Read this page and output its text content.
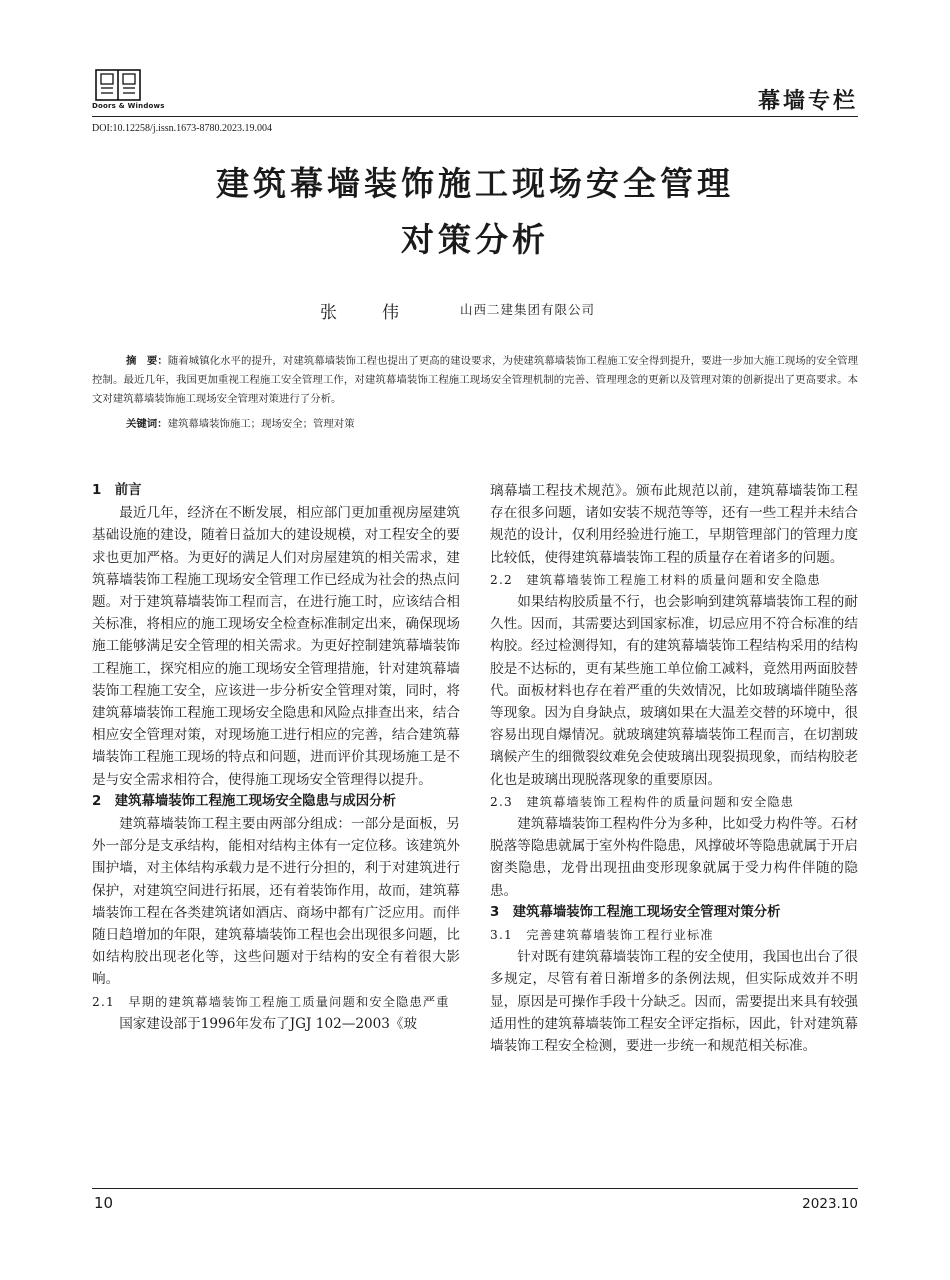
Doors & Windows	幕墙专栏
DOI:10.12258/j.issn.1673-8780.2023.19.004
建筑幕墙装饰施工现场安全管理
对策分析
张　伟	山西二建集团有限公司
摘　要：随着城镇化水平的提升，对建筑幕墙装饰工程也提出了更高的建设要求，为使建筑幕墙装饰工程施工安全得到提升，要进一步加大施工现场的安全管理控制。最近几年，我国更加重视工程施工安全管理工作，对建筑幕墙装饰工程施工现场安全管理机制的完善、管理理念的更新以及管理对策的创新提出了更高要求。本文对建筑幕墙装饰施工现场安全管理对策进行了分析。
关键词：建筑幕墙装饰施工；现场安全；管理对策
1　前言

最近几年，经济在不断发展，相应部门更加重视房屋建筑基础设施的建设，随着日益加大的建设规模，对工程安全的要求也更加严格。为更好的满足人们对房屋建筑的相关需求，建筑幕墙装饰工程施工现场安全管理工作已经成为社会的热点问题。对于建筑幕墙装饰工程而言，在进行施工时，应该结合相关标准，将相应的施工现场安全检查标准制定出来，确保现场施工能够满足安全管理的相关需求。为更好控制建筑幕墙装饰工程施工，探究相应的施工现场安全管理措施，针对建筑幕墙装饰工程施工安全，应该进一步分析安全管理对策，同时，将建筑幕墙装饰工程施工现场安全隐患和风险点排查出来，结合相应安全管理对策，对现场施工进行相应的完善，结合建筑幕墙装饰工程施工现场的特点和问题，进而评价其现场施工是不是与安全需求相符合，使得施工现场安全管理得以提升。

2　建筑幕墙装饰工程施工现场安全隐患与成因分析

建筑幕墙装饰工程主要由两部分组成：一部分是面板，另外一部分是支承结构，能相对结构主体有一定位移。该建筑外围护墙，对主体结构承载力是不进行分担的，利于对建筑进行保护，对建筑空间进行拓展，还有着装饰作用，故而，建筑幕墙装饰工程在各类建筑诸如酒店、商场中都有广泛应用。而伴随日趋增加的年限，建筑幕墙装饰工程也会出现很多问题，比如结构胶出现老化等，这些问题对于结构的安全有着很大影响。

2.1　早期的建筑幕墙装饰工程施工质量问题和安全隐患严重

国家建设部于1996年发布了JGJ 102—2003《玻

璃幕墙工程技术规范》。颁布此规范以前，建筑幕墙装饰工程存在很多问题，诸如安装不规范等等，还有一些工程并未结合规范的设计，仅利用经验进行施工，早期管理部门的管理力度比较低，使得建筑幕墙装饰工程的质量存在着诸多的问题。

2.2　建筑幕墙装饰工程施工材料的质量问题和安全隐患

如果结构胶质量不行，也会影响到建筑幕墙装饰工程的耐久性。因而，其需要达到国家标准，切忌应用不符合标准的结构胶。经过检测得知，有的建筑幕墙装饰工程结构采用的结构胶是不达标的，更有某些施工单位偷工减料，竟然用两面胶替代。面板材料也存在着严重的失效情况，比如玻璃墙伴随坠落等现象。因为自身缺点，玻璃如果在大温差交替的环境中，很容易出现自爆情况。就玻璃建筑幕墙装饰工程而言，在切割玻璃候产生的细微裂纹难免会使玻璃出现裂损现象，而结构胶老化也是玻璃出现脱落现象的重要原因。

2.3　建筑幕墙装饰工程构件的质量问题和安全隐患

建筑幕墙装饰工程构件分为多种，比如受力构件等。石材脱落等隐患就属于室外构件隐患，风撑破坏等隐患就属于开启窗类隐患，龙骨出现扭曲变形现象就属于受力构件伴随的隐患。

3　建筑幕墙装饰工程施工现场安全管理对策分析
3.1　完善建筑幕墙装饰工程行业标准

针对既有建筑幕墙装饰工程的安全使用，我国也出台了很多规定，尽管有着日渐增多的条例法规，但实际成效并不明显，原因是可操作手段十分缺乏。因而，需要提出来具有较强适用性的建筑幕墙装饰工程安全评定指标，因此，针对建筑幕墙装饰工程安全检测，要进一步统一和规范相关标准。

10	2023.10
